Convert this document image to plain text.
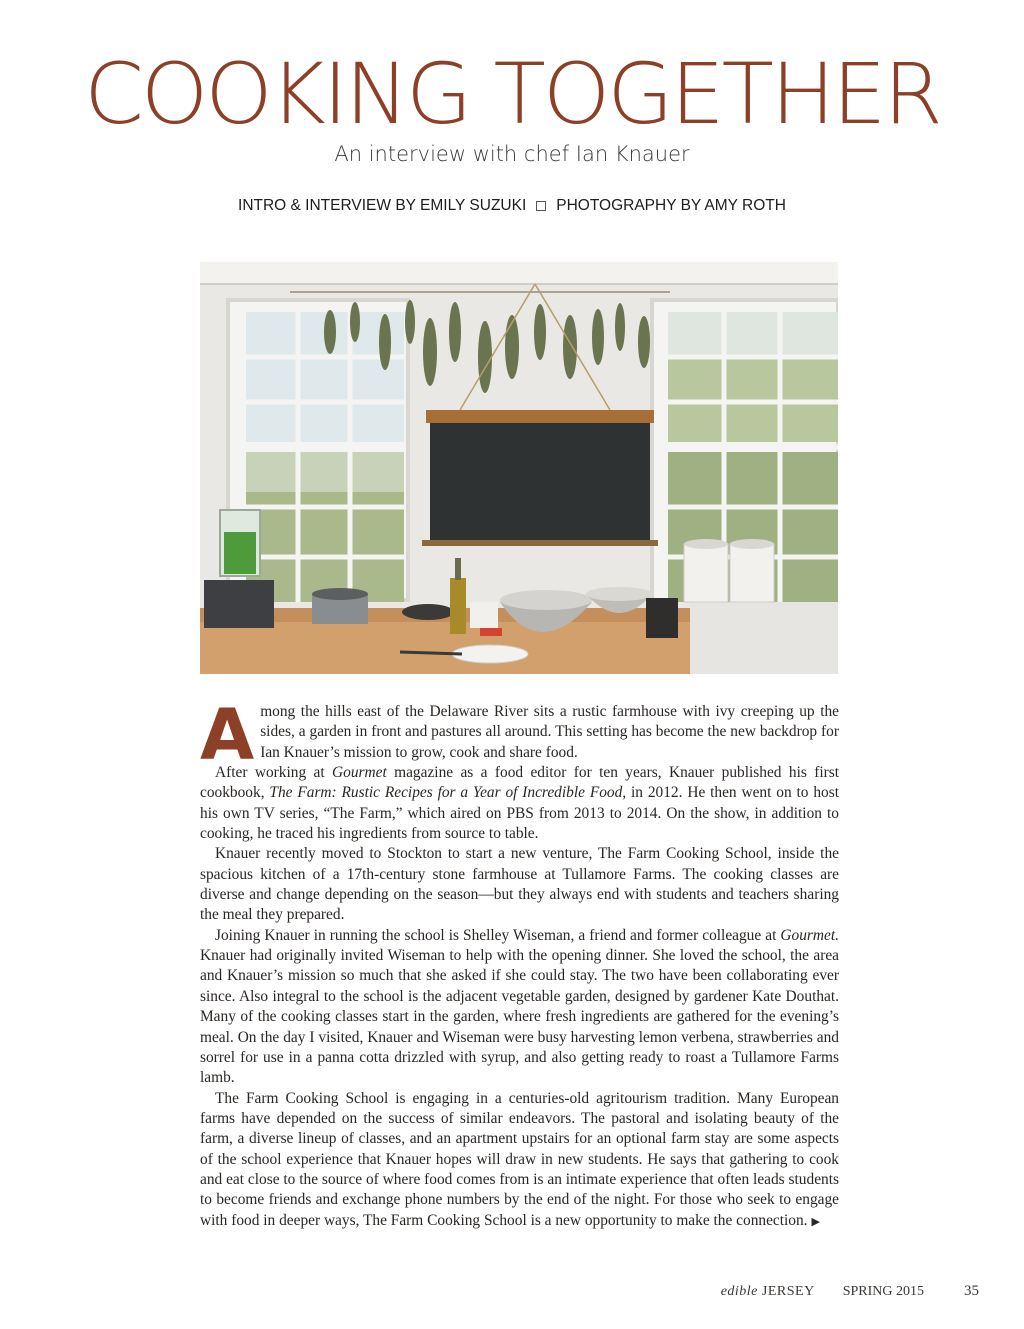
COOKING TOGETHER
An interview with chef Ian Knauer
INTRO & INTERVIEW BY EMILY SUZUKI PHOTOGRAPHY BY AMY ROTH

Among the hills east of the Delaware River sits a rustic farmhouse with ivy creeping up the sides, a garden in front and pastures all around. This setting has become the new backdrop for Ian Knauer’s mission to grow, cook and share food.

After working at Gourmet magazine as a food editor for ten years, Knauer published his first cookbook, The Farm: Rustic Recipes for a Year of Incredible Food, in 2012. He then went on to host his own TV series, “The Farm,” which aired on PBS from 2013 to 2014. On the show, in addition to cooking, he traced his ingredients from source to table.

Knauer recently moved to Stockton to start a new venture, The Farm Cooking School, inside the spacious kitchen of a 17th-century stone farmhouse at Tullamore Farms. The cooking classes are diverse and change depending on the season—but they always end with students and teachers sharing the meal they prepared.

Joining Knauer in running the school is Shelley Wiseman, a friend and former colleague at Gourmet. Knauer had originally invited Wiseman to help with the opening dinner. She loved the school, the area and Knauer’s mission so much that she asked if she could stay. The two have been collaborating ever since. Also integral to the school is the adjacent vegetable garden, designed by gardener Kate Douthat. Many of the cooking classes start in the garden, where fresh ingredients are gathered for the evening’s meal. On the day I visited, Knauer and Wiseman were busy harvesting lemon verbena, strawberries and sorrel for use in a panna cotta drizzled with syrup, and also getting ready to roast a Tullamore Farms lamb.

The Farm Cooking School is engaging in a centuries-old agritourism tradition. Many European farms have depended on the success of similar endeavors. The pastoral and isolating beauty of the farm, a diverse lineup of classes, and an apartment upstairs for an optional farm stay are some aspects of the school experience that Knauer hopes will draw in new students. He says that gathering to cook and eat close to the source of where food comes from is an intimate experience that often leads students to become friends and exchange phone numbers by the end of the night. For those who seek to engage with food in deeper ways, The Farm Cooking School is a new opportunity to make the connection. ▶

edible JERSEY SPRING 2015	35
